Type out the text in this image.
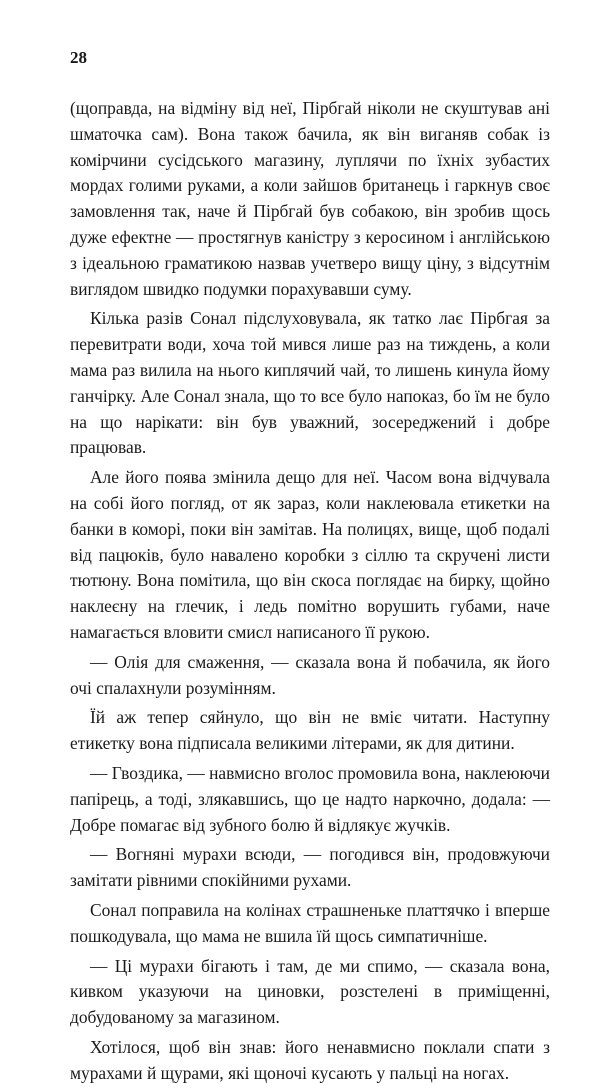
28

(щоправда, на відміну від неї, Пірбгай ніколи не скуштував ані шматочка сам). Вона також бачила, як він виганяв собак із комірчини сусідського магазину, луплячи по їхніх зубастих мордах голими руками, а коли зайшов британець і гаркнув своє замовлення так, наче й Пірбгай був собакою, він зробив щось дуже ефектне — простягнув каністру з керосином і англійською з ідеальною граматикою назвав учетверо вищу ціну, з відсутнім виглядом швидко подумки порахувавши суму.

Кілька разів Сонал підслуховувала, як татко лає Пірбгая за перевитрати води, хоча той мився лише раз на тиждень, а коли мама раз вилила на нього киплячий чай, то лишень кинула йому ганчірку. Але Сонал знала, що то все було напоказ, бо їм не було на що нарікати: він був уважний, зосереджений і добре працював.

Але його поява змінила дещо для неї. Часом вона відчувала на собі його погляд, от як зараз, коли наклеювала етикетки на банки в коморі, поки він замітав. На полицях, вище, щоб подалі від пацюків, було навалено коробки з сіллю та скручені листи тютюну. Вона помітила, що він скоса поглядає на бирку, щойно наклеєну на глечик, і ледь помітно ворушить губами, наче намагається вловити смисл написаного її рукою.

— Олія для смаження, — сказала вона й побачила, як його очі спалахнули розумінням.

Їй аж тепер сяйнуло, що він не вміє читати. Наступну етикетку вона підписала великими літерами, як для дитини.

— Гвоздика, — навмисно вголос промовила вона, наклеюючи папірець, а тоді, злякавшись, що це надто наркочно, додала: — Добре помагає від зубного болю й відлякує жучків.

— Вогняні мурахи всюди, — погодився він, продовжуючи замітати рівними спокійними рухами.

Сонал поправила на колінах страшненьке платтячко і вперше пошкодувала, що мама не вшила їй щось симпатичніше.

— Ці мурахи бігають і там, де ми спимо, — сказала вона, кивком указуючи на циновки, розстелені в приміщенні, добудованому за магазином.

Хотілося, щоб він знав: його ненавмисно поклали спати з мурахами й щурами, які щоночі кусають у пальці на ногах.
